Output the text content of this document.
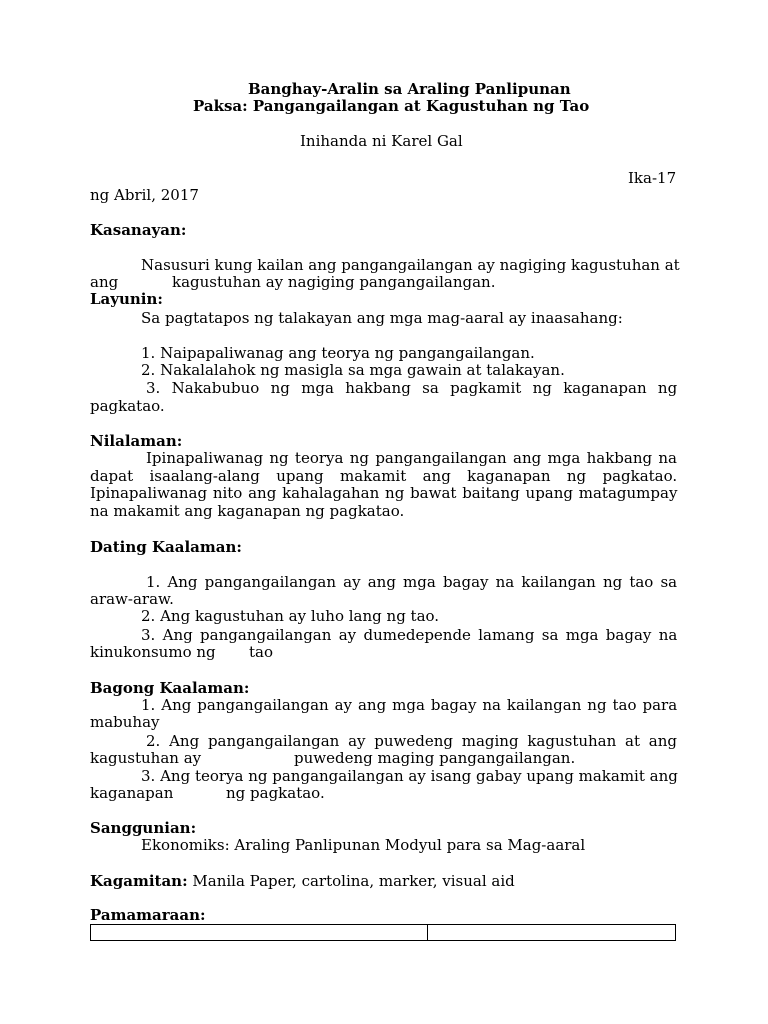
Banghay-Aralin sa Araling Panlipunan
Paksa: Pangangailangan at Kagustuhan ng Tao
Inihanda ni Karel Gal
Ika-17
ng Abril, 2017
Kasanayan:
Nasusuri kung kailan ang pangangailangan ay nagiging kagustuhan at
ang	kagustuhan ay nagiging pangangailangan.
Layunin:
Sa pagtatapos ng talakayan ang mga mag-aaral ay inaasahang:
1. Naipapaliwanag ang teorya ng pangangailangan.
2. Nakalalahok ng masigla sa mga gawain at talakayan.
3. Nakabubuo ng mga hakbang sa pagkamit ng kaganapan ng
pagkatao.
Nilalaman:
Ipinapaliwanag ng teorya ng pangangailangan ang mga hakbang na
dapat isaalang-alang upang makamit ang kaganapan ng pagkatao.
Ipinapaliwanag nito ang kahalagahan ng bawat baitang upang matagumpay
na makamit ang kaganapan ng pagkatao.
Dating Kaalaman:
1. Ang pangangailangan ay ang mga bagay na kailangan ng tao sa
araw-araw.
2. Ang kagustuhan ay luho lang ng tao.
3. Ang pangangailangan ay dumedepende lamang sa mga bagay na
kinukonsumo ng tao
Bagong Kaalaman:
1. Ang pangangailangan ay ang mga bagay na kailangan ng tao para
mabuhay
2. Ang pangangailangan ay puwedeng maging kagustuhan at ang
kagustuhan ay	puwedeng maging pangangailangan.
3. Ang teorya ng pangangailangan ay isang gabay upang makamit ang
kaganapan	ng pagkatao.
Sanggunian:
Ekonomiks: Araling Panlipunan Modyul para sa Mag-aaral
Kagamitan: Manila Paper, cartolina, marker, visual aid
Pamamaraan:
